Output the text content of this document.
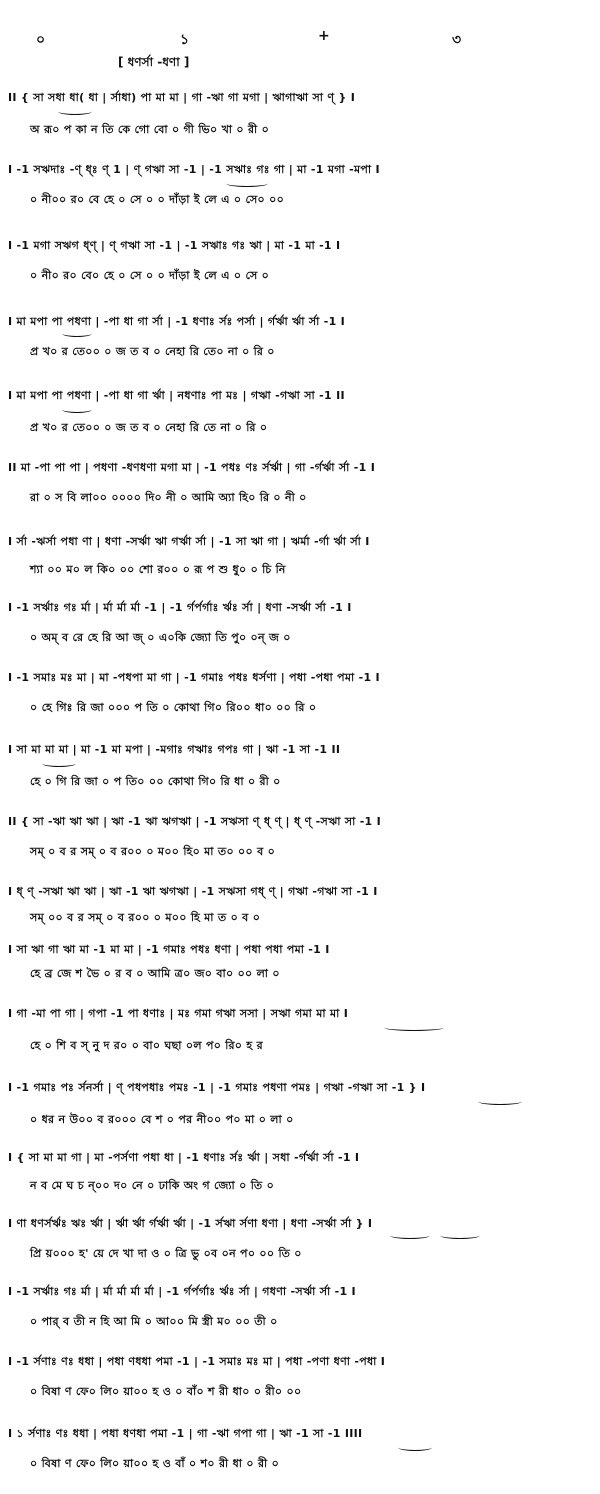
০	১	+	৩
[ ধণর্সা -ধণা ]
II { সা সধা ধা( ধা | র্সাধা) পা মা মা | গা -ঋা গা মগা | ঋাগাঋা সা ণ্ } I
অ রূ০ প কা ন তি কে গো বো ০ গী ভি০ খা ০ রী ০
I -1 সঋদাঃ -ণ্ ধ্ঃ ণ্ 1 | ণ্ গঋা সা -1 | -1 সঋাঃ গঃ গা | মা -1 মগা -মপা I
০ নী০০ র০ বে হে ০ সে ০ ০ দাঁড়া ই লে এ ০ সে০ ০০
I -1 মগা সঋগ ধ্ণ্ | ণ্ গঋা সা -1 | -1 সঋাঃ গঃ ঋা | মা -1 মা -1 I
০ নী০ র০ বে০ হে ০ সে ০ ০ দাঁড়া ই লে এ ০ সে ০
I মা মপা পা পধণা | -পা ধা গা র্সা | -1 ধণাঃ র্সঃ পর্সা | র্গর্ঋা র্ঋা র্সা -1 I
প্র খ০ র তে০০ ০ জ ত ব ০ নেহা রি তে০ না ০ রি ০
I মা মপা পা পধণা | -পা ধা গা র্ঋা | নধণাঃ পা মঃ | গঋা -গঋা সা -1 II
প্র খ০ র তে০০ ০ জ ত ব ০ নেহা রি তে না ০ রি ০
II মা -পা পা পা | পধণা -ধণধণা মগা মা | -1 পধঃ ণঃ র্সর্ঋা | গা -র্গর্ঋা র্সা -1 I
রা ০ স বি লা০০ ০০০০ দি০ নী ০ আমি অ্যা হি০ রি ০ নী ০
I র্সা -ঋর্সা পধা ণা | ধণা -সর্ঋা ঋা গর্ঋা র্সা | -1 সা ঋা গা | ঋর্মা -র্গা র্ঋা র্সা I
শ্যা ০০ ম০ ল কি০ ০০ শো র০০ ০ রূ প শু ধু০ ০ চি নি
I -1 সর্ঋাঃ গঃ র্মা | র্মা র্মা র্মা -1 | -1 র্গর্পর্গাঃ র্ঋঃ র্সা | ধণা -সর্ঋা র্সা -1 I
০ অম্ ব রে হে রি আ জ্ ০ এ০কি জ্যো তি পু০ ০ন্ জ ০
I -1 সমাঃ মঃ মা | মা -পধপা মা গা | -1 গমাঃ পধঃ ধর্সণা | পধা -পধা পমা -1 I
০ হে গিঃ রি জা ০০০ প তি ০ কোথা গি০ রি০০ ধা০ ০০ রি ০
I সা মা মা মা | মা -1 মা মপা | -মগাঃ গঋাঃ গপঃ গা | ঋা -1 সা -1 II
হে ০ গি রি জা ০ প তি০ ০০ কোথা গি০ রি ধা ০ রী ০
II { সা -ঋা ঋা ঋা | ঋা -1 ঋা ঋগঋা | -1 সঋসা ণ্ ধ্ ণ্ | ধ্ ণ্ -সঋা সা -1 I
সম্ ০ ব র সম্ ০ ব র০০ ০ ম০০ হি০ মা ত০ ০০ ব ০
I ধ্ ণ্ -সঋা ঋা ঋা | ঋা -1 ঋা ঋগঋা | -1 সঋসা গধ্ ণ্ | গঋা -গঋা সা -1 I
সম্ ০০ ব র সম্ ০ ব র০০ ০ ম০০ হি মা ত ০ ব ০
I সা ঋা গা ঋা মা -1 মা মা | -1 গমাঃ পধঃ ধণা | পধা পধা পমা -1 I
হে ব্র জে শ ভৈ ০ র ব ০ আমি ত্র০ জ০ বা০ ০০ লা ০
I গা -মা পা গা | গপা -1 পা ধণাঃ | মঃ গমা গঋা সসা | সঋা গমা মা মা I
হে ০ শি ব স্ নু দ র০ ০ বা০ ঘছা ০ল প০ রি০ হ র
I -1 গমাঃ পঃ র্সনর্সা | ণ্ পধপধাঃ পমঃ -1 | -1 গমাঃ পধণা পমঃ | গঋা -গঋা সা -1 } I
০ ধর ন উ০০ ব র০০০ বে শ ০ পর নী০০ প০ মা ০ লা ০
I { সা মা মা গা | মা -পর্সণা পধা ধা | -1 ধণাঃ র্সঃ র্ঋা | সধা -র্গর্ঋা র্সা -1 I
ন ব মে ঘ চ ন্০০ দ০ নে ০ ঢাকি অং গ জ্যো ০ তি ০
I ণা ধণর্সর্ঋঃ ঋঃ র্ঋা | র্ঋা র্ঋা র্গর্ঋা র্ঋা | -1 র্সঋা র্সণা ধণা | ধণা -সর্ঋা র্সা } I
প্রি য়০০০ হ' য়ে দে খা দা ও ০ ত্রি ভু ০ব ০ন প০ ০০ তি ০
I -1 সর্ঋাঃ গঃ র্মা | র্মা র্মা র্মা র্মা | -1 র্গর্পর্গাঃ র্ঋঃ র্সা | গধণা -সর্ঋা র্সা -1 I
০ পার্ ব তী ন হি আ মি ০ আ০০ মি স্ত্রী ম০ ০০ তী ০
I -1 র্সণাঃ ণঃ ধধা | পধা ণধধা পমা -1 | -1 সমাঃ মঃ মা | পধা -পণা ধণা -পধা I
০ বিষা ণ ফে০ লি০ য়া০০ হ ও ০ বাঁ০ শ রী ধা০ ০ রী০ ০০
I ১ র্সণাঃ ণঃ ধধা | পধা ধণধা পমা -1 | গা -ঋা গপা গা | ঋা -1 সা -1 IIII
০ বিষা ণ ফে০ লি০ য়া০০ হ ও বাঁ ০ শ০ রী ধা ০ রী ০
